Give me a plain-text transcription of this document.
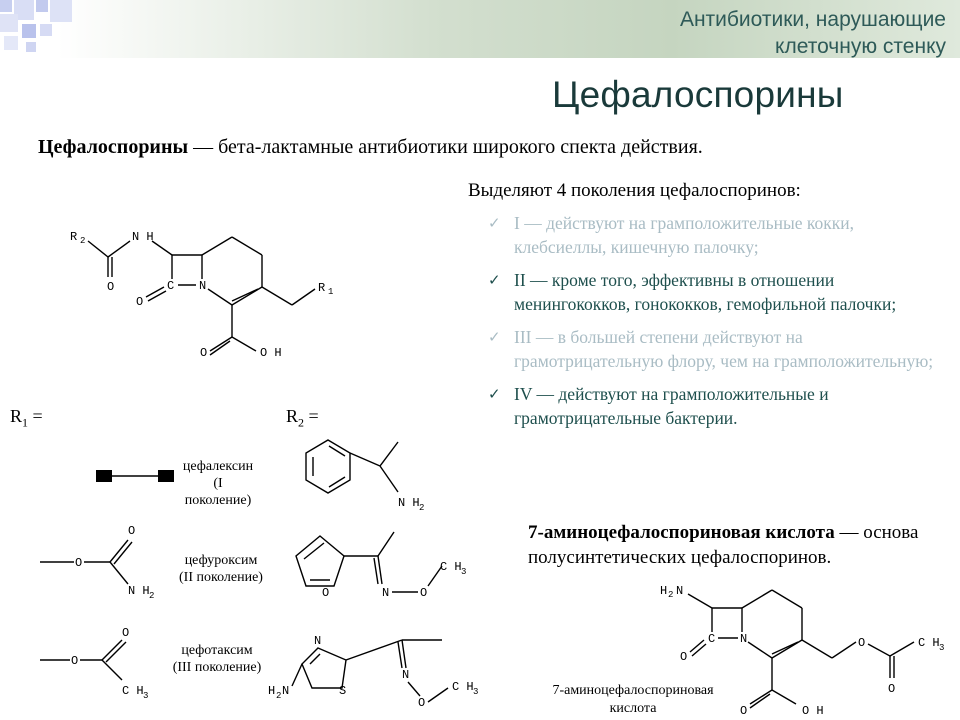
Антибиотики, нарушающие
клеточную стенку
Цефалоспорины
Цефалоспорины — бета-лактамные антибиотики широкого спекта действия.
Выделяют 4 поколения цефалоспоринов:
✓ I — действуют на грамположительные кокки, клебсиеллы, кишечную палочку;
✓ II — кроме того, эффективны в отношении менингококков, гонококков, гемофильной палочки;
✓ III — в большей степени действуют на грамотрицательную флору, чем на грамположительную;
✓ IV — действуют на грамположительные и грамотрицательные бактерии.
R 2	N H
O	C N
O
R 1
O	O H
$R_1$ =	$R_2$ =
O
O
N H 2
O
O
C H 3
цефалексин
(I
поколение)
цефуроксим
(II поколение)
цефотаксим
(III поколение)
N H 2
O	N	O
C H 3
N
S
H 2 N
N
O
C H 3
7-аминоцефалоспориновая кислота — основа полусинтетических цефалоспоринов.
H 2 N
C N
O
O	C H 3
O
O	O H
7-аминоцефалоспориновая
кислота
